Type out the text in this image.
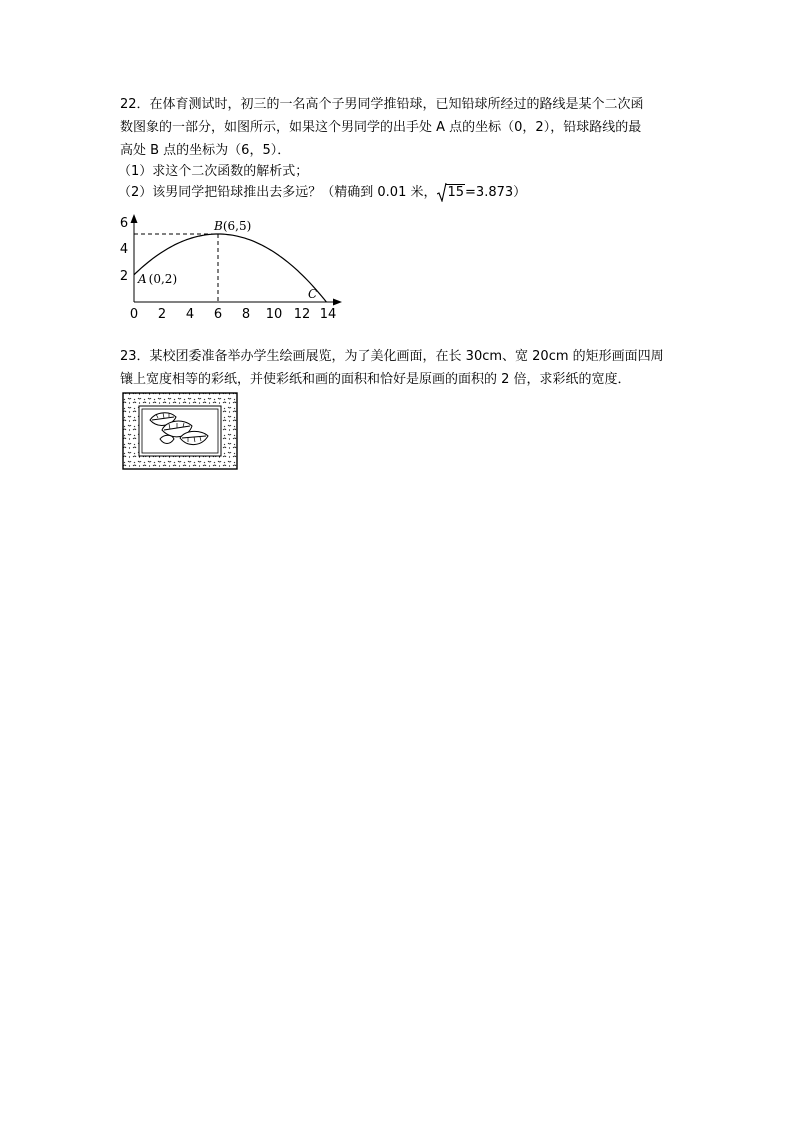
22．在体育测试时，初三的一名高个子男同学推铅球，已知铅球所经过的路线是某个二次函
数图象的一部分，如图所示，如果这个男同学的出手处 A 点的坐标（0，2），铅球路线的最
高处 B 点的坐标为（6，5）．
（1）求这个二次函数的解析式；
（2）该男同学把铅球推出去多远？（精确到 0.01 米， 15=3.873）
0 2 4 6 8 10 12 14
2
4
6
A (0,2)
B(6,5)
C
23．某校团委准备举办学生绘画展览，为了美化画面，在长 30cm、宽 20cm 的矩形画面四周
镶上宽度相等的彩纸，并使彩纸和画的面积和恰好是原画的面积的 2 倍，求彩纸的宽度．
